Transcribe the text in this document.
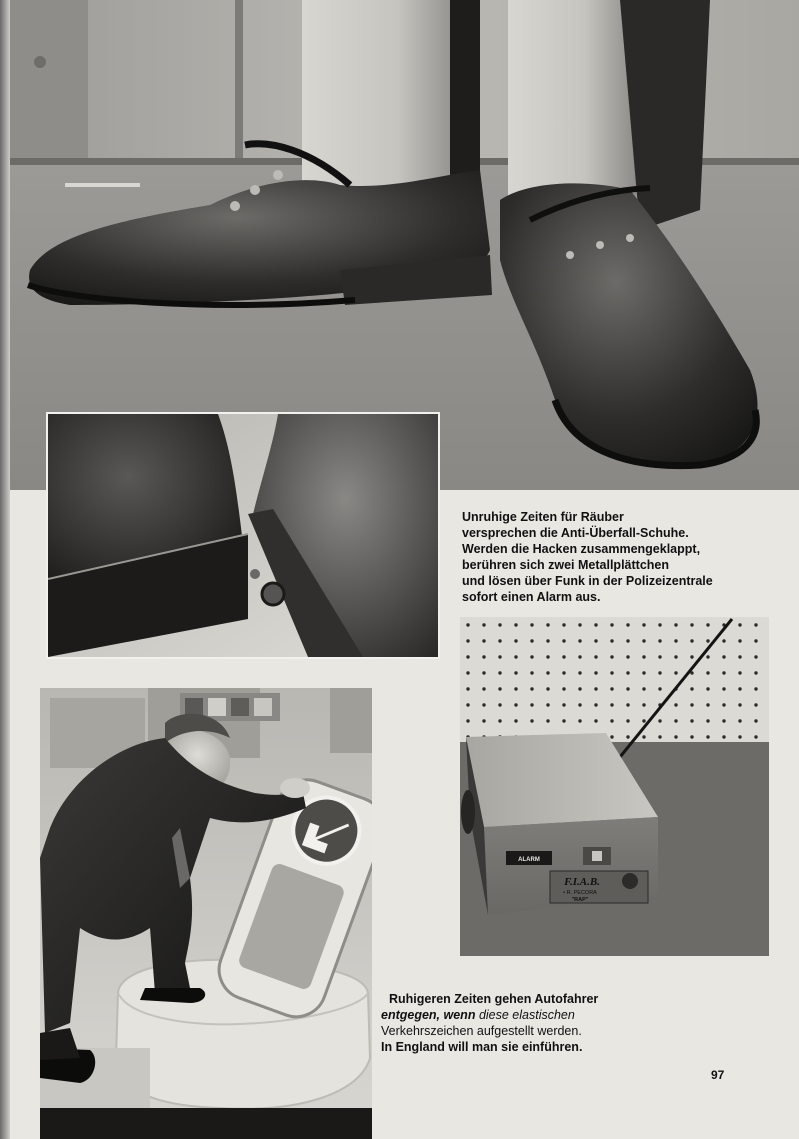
Unruhige Zeiten für Räuber
versprechen die Anti-Überfall-Schuhe.
Werden die Hacken zusammengeklappt,
berühren sich zwei Metallplättchen
und lösen über Funk in der Polizeizentrale
sofort einen Alarm aus.
ALARM
F.I.A.B.
• R. PECORA
"RAP"
Ruhigeren Zeiten gehen Autofahrer
entgegen, wenn diese elastischen
Verkehrszeichen aufgestellt werden.
In England will man sie einführen.
97
